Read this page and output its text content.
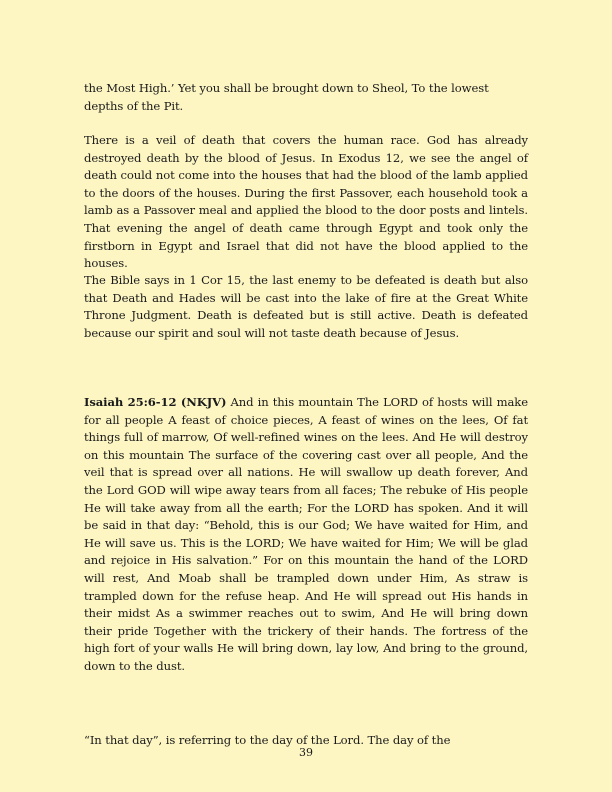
the Most High.’ Yet you shall be brought down to Sheol, To the lowest depths of the Pit.

There is a veil of death that covers the human race. God has already destroyed death by the blood of Jesus. In Exodus 12, we see the angel of death could not come into the houses that had the blood of the lamb applied to the doors of the houses. During the first Passover, each household took a lamb as a Passover meal and applied the blood to the door posts and lintels. That evening the angel of death came through Egypt and took only the firstborn in Egypt and Israel that did not have the blood applied to the houses.

The Bible says in 1 Cor 15, the last enemy to be defeated is death but also that Death and Hades will be cast into the lake of fire at the Great White Throne Judgment. Death is defeated but is still active. Death is defeated because our spirit and soul will not taste death because of Jesus.

Isaiah 25:6-12 (NKJV) And in this mountain The LORD of hosts will make for all people A feast of choice pieces, A feast of wines on the lees, Of fat things full of marrow, Of well-refined wines on the lees. And He will destroy on this mountain The surface of the covering cast over all people, And the veil that is spread over all nations. He will swallow up death forever, And the Lord GOD will wipe away tears from all faces; The rebuke of His people He will take away from all the earth; For the LORD has spoken. And it will be said in that day: “Behold, this is our God; We have waited for Him, and He will save us. This is the LORD; We have waited for Him; We will be glad and rejoice in His salvation.” For on this mountain the hand of the LORD will rest, And Moab shall be trampled down under Him, As straw is trampled down for the refuse heap. And He will spread out His hands in their midst As a swimmer reaches out to swim, And He will bring down their pride Together with the trickery of their hands. The fortress of the high fort of your walls He will bring down, lay low, And bring to the ground, down to the dust.

“In that day”, is referring to the day of the Lord. The day of the

39
